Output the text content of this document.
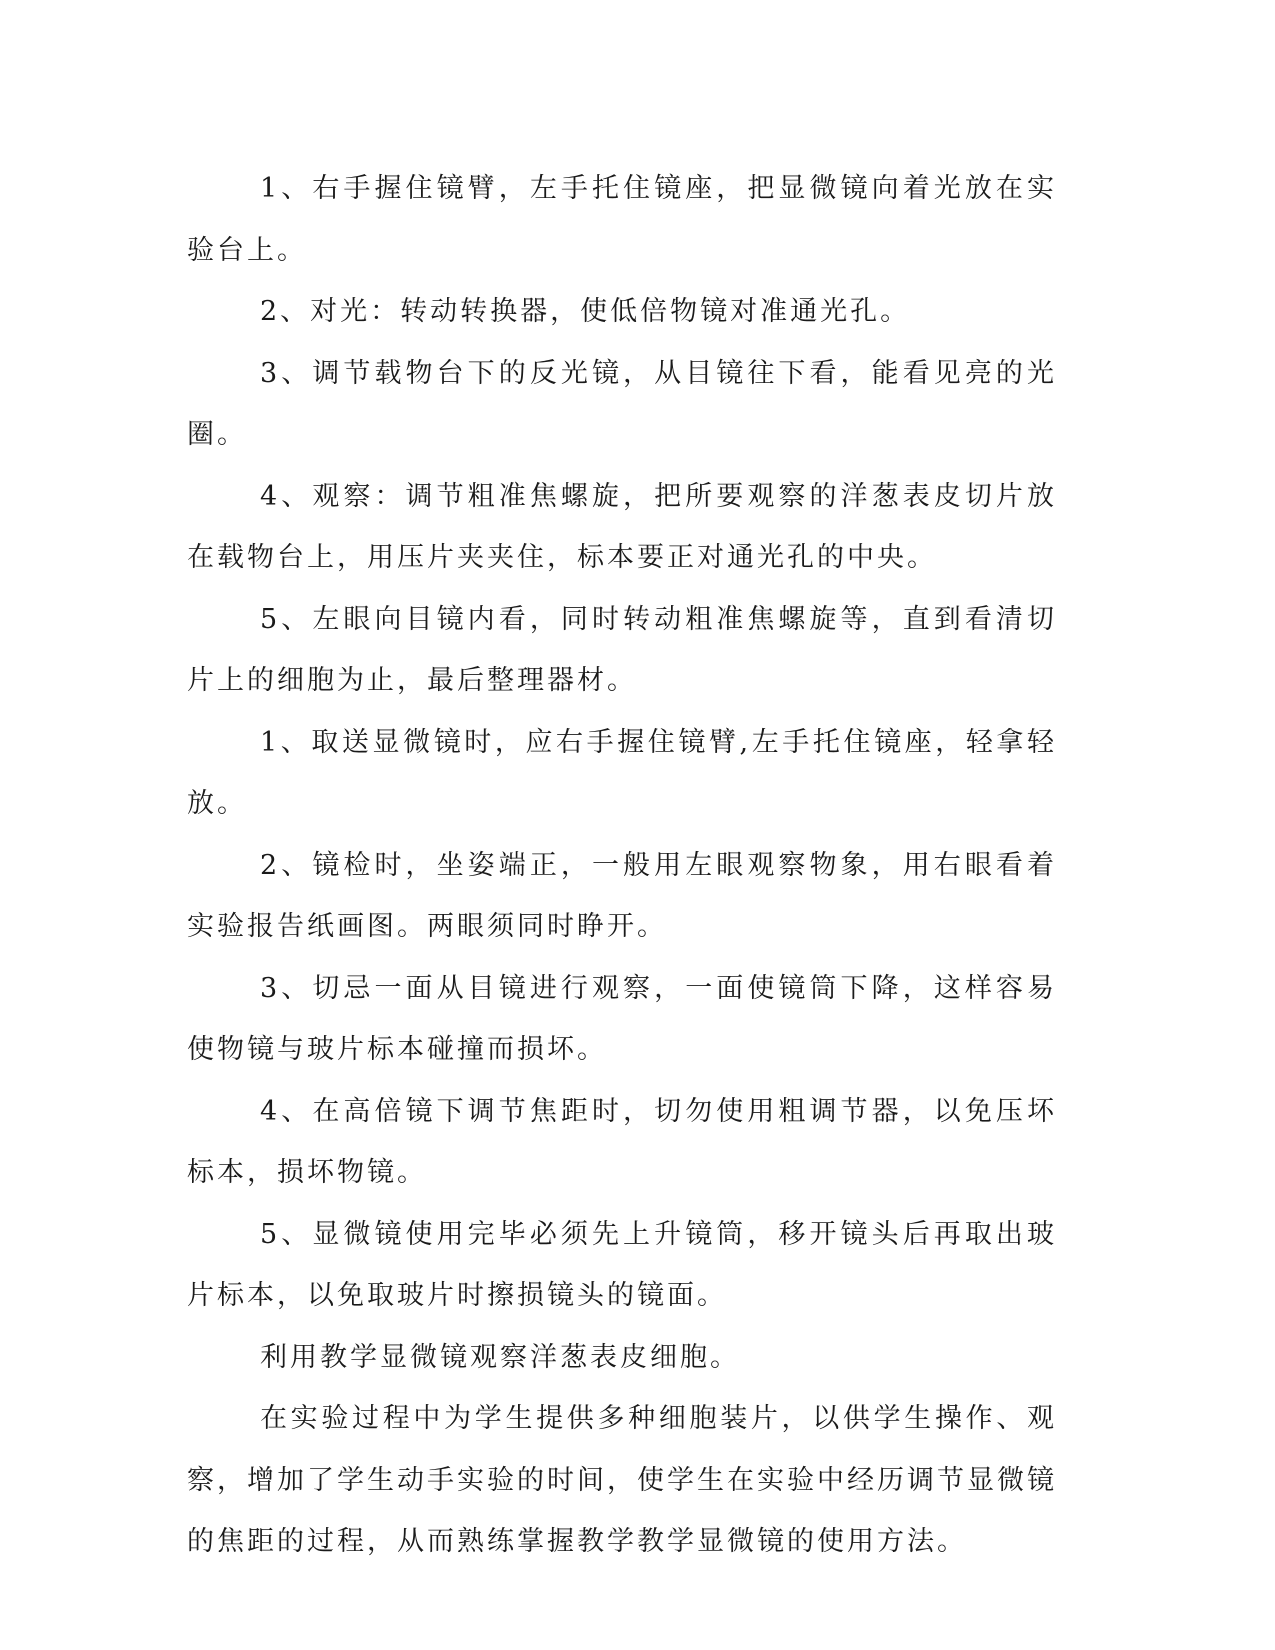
1、右手握住镜臂，左手托住镜座，把显微镜向着光放在实验台上。

2、对光：转动转换器，使低倍物镜对准通光孔。

3、调节载物台下的反光镜，从目镜往下看，能看见亮的光圈。

4、观察：调节粗准焦螺旋，把所要观察的洋葱表皮切片放在载物台上，用压片夹夹住，标本要正对通光孔的中央。

5、左眼向目镜内看，同时转动粗准焦螺旋等，直到看清切片上的细胞为止，最后整理器材。

1、取送显微镜时，应右手握住镜臂,左手托住镜座，轻拿轻放。

2、镜检时，坐姿端正，一般用左眼观察物象，用右眼看着实验报告纸画图。两眼须同时睁开。

3、切忌一面从目镜进行观察，一面使镜筒下降，这样容易使物镜与玻片标本碰撞而损坏。

4、在高倍镜下调节焦距时，切勿使用粗调节器，以免压坏标本，损坏物镜。

5、显微镜使用完毕必须先上升镜筒，移开镜头后再取出玻片标本，以免取玻片时擦损镜头的镜面。

利用教学显微镜观察洋葱表皮细胞。

在实验过程中为学生提供多种细胞装片，以供学生操作、观察，增加了学生动手实验的时间，使学生在实验中经历调节显微镜的焦距的过程，从而熟练掌握教学教学显微镜的使用方法。
